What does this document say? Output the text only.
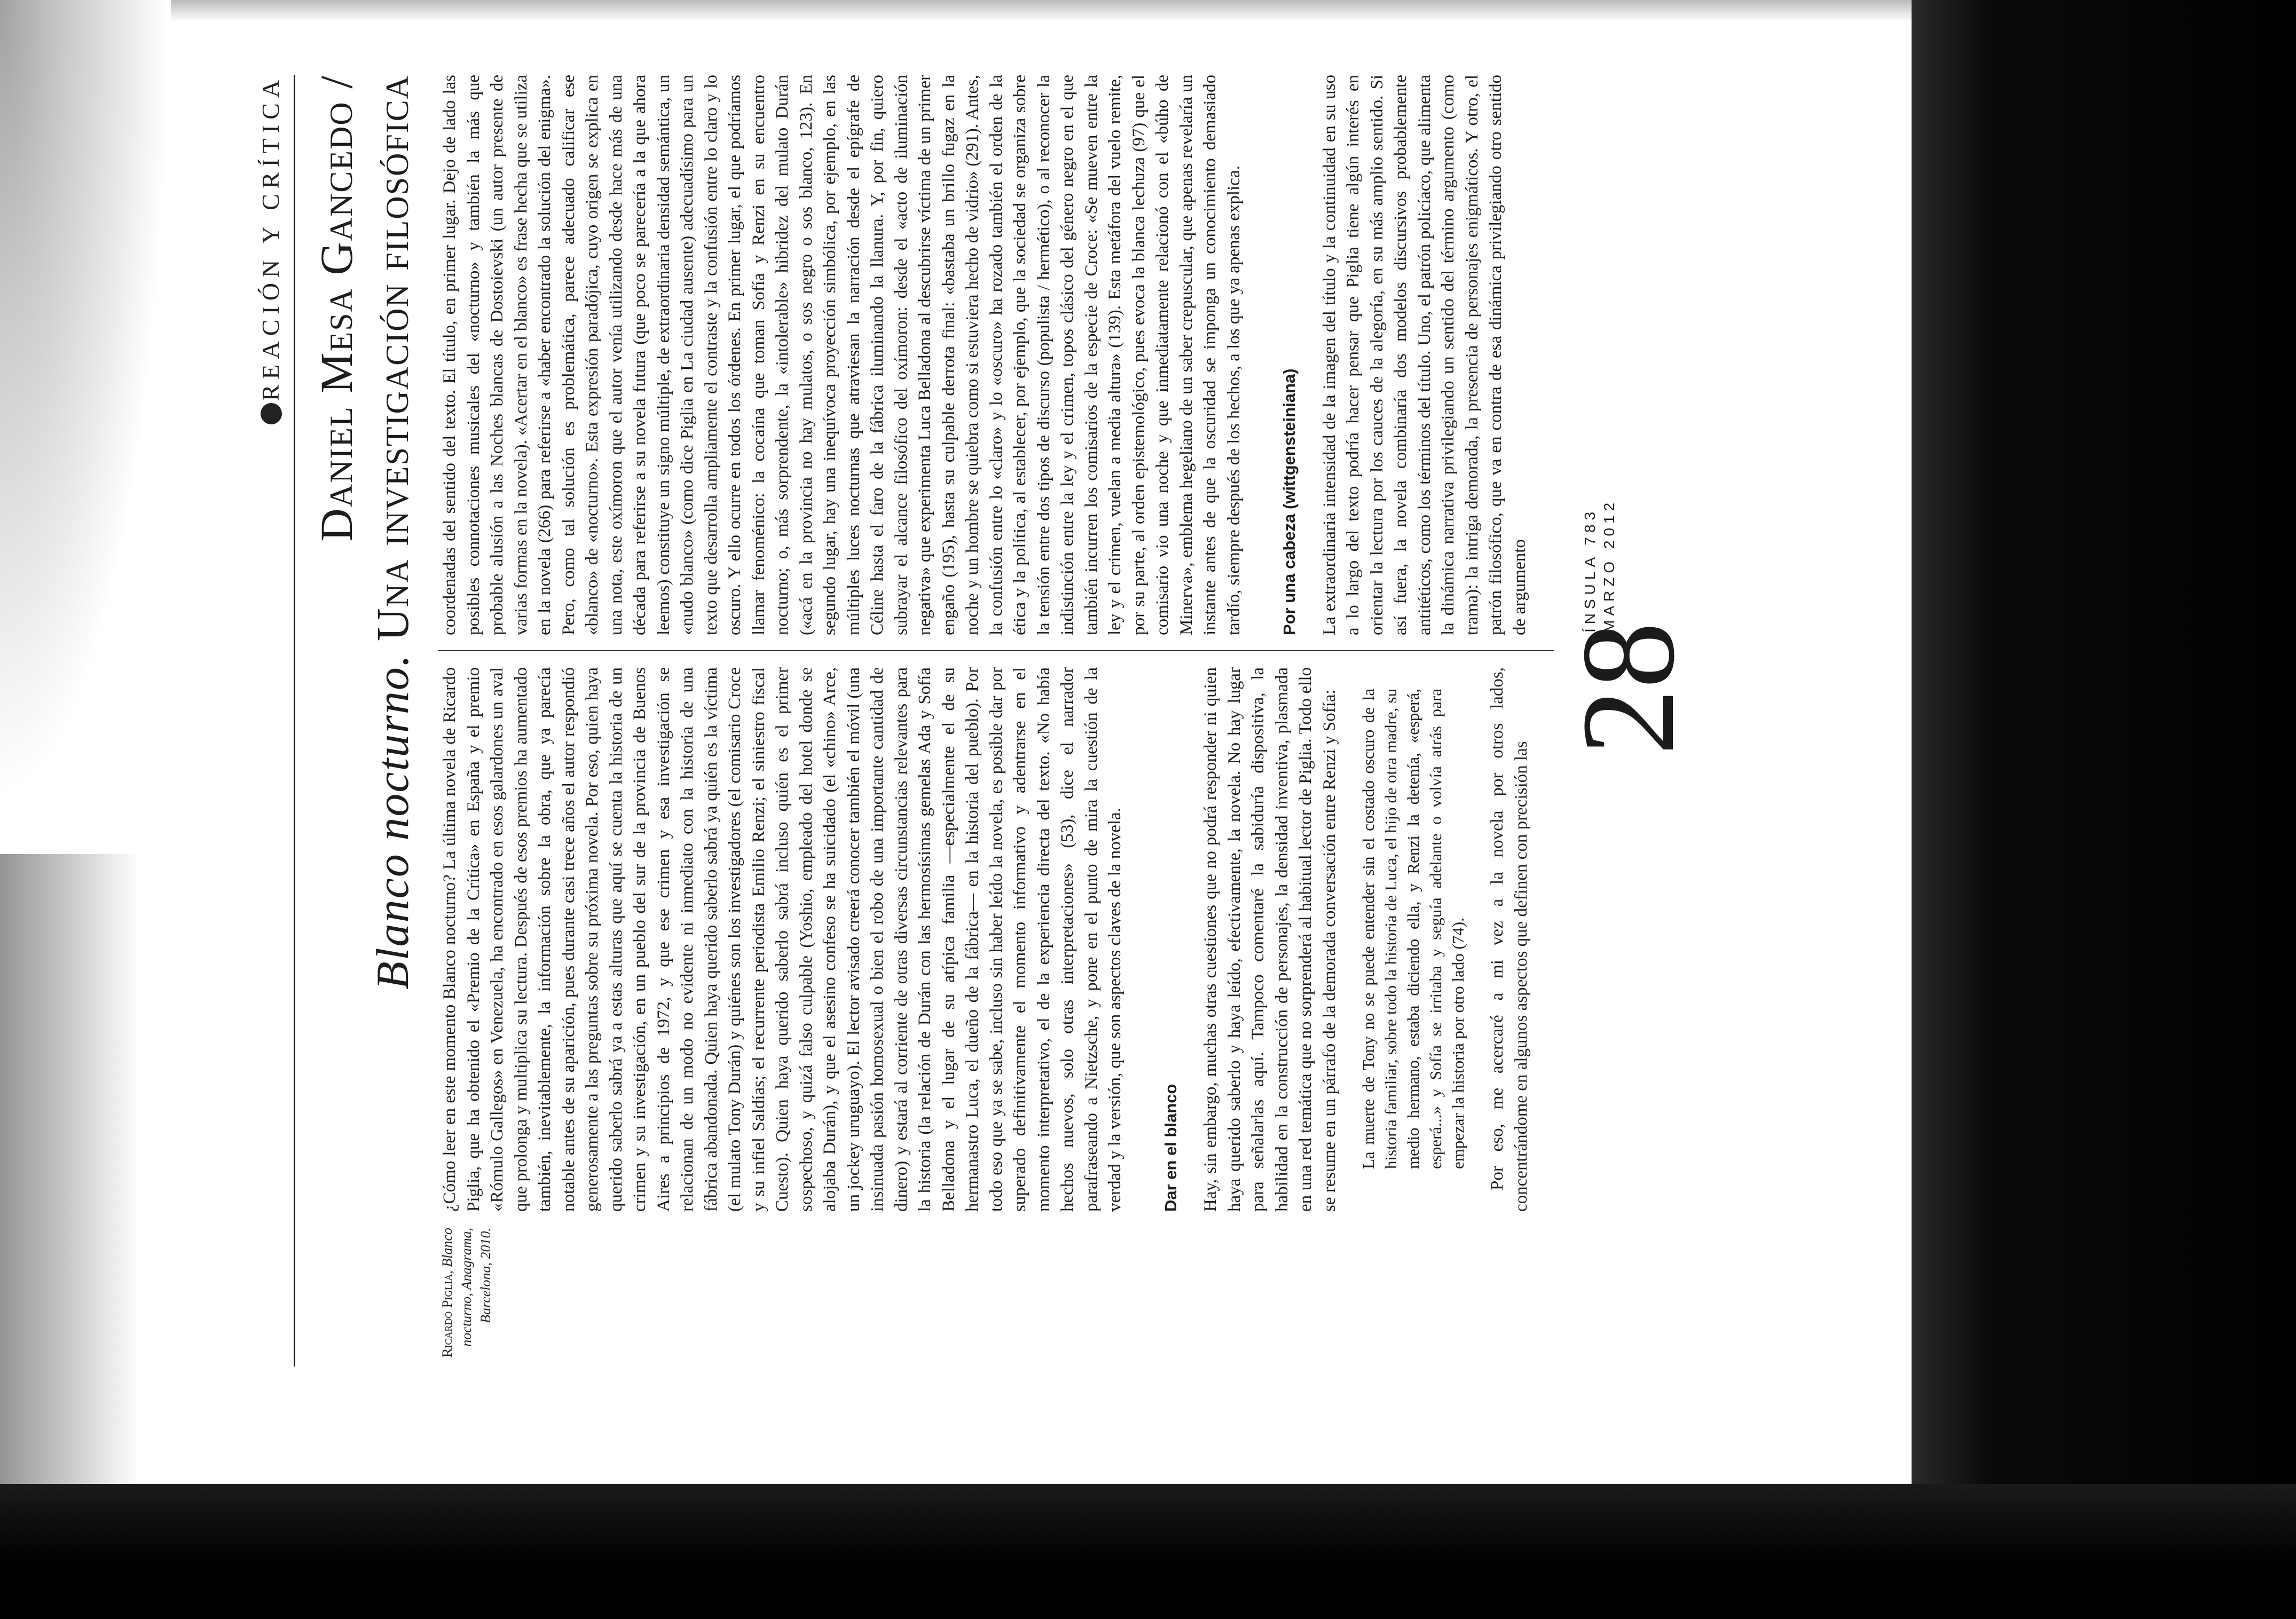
REACIÓN Y CRÍTICA Daniel Mesa Gancedo /
Blanco nocturno. Una investigación filosófica
Ricardo Piglia, Blanco nocturno, Anagrama, Barcelona, 2010.

¿Cómo leer en este momento Blanco nocturno? La última novela de Ricardo Piglia, que ha obtenido el «Premio de la Crítica» en España y el premio «Rómulo Gallegos» en Venezuela, ha encontrado en esos galardones un aval que prolonga y multiplica su lectura. Después de esos premios ha aumentado también, inevitablemente, la información sobre la obra, que ya parecía notable antes de su aparición, pues durante casi trece años el autor respondió generosamente a las preguntas sobre su próxima novela. Por eso, quien haya querido saberlo sabrá ya a estas alturas que aquí se cuenta la historia de un crimen y su investigación, en un pueblo del sur de la provincia de Buenos Aires a principios de 1972, y que ese crimen y esa investigación se relacionan de un modo no evidente ni inmediato con la historia de una fábrica abandonada. Quien haya querido saberlo sabrá ya quién es la víctima (el mulato Tony Durán) y quiénes son los investigadores (el comisario Croce y su infiel Saldías; el recurrente periodista Emilio Renzi; el siniestro fiscal Cuesto). Quien haya querido saberlo sabrá incluso quién es el primer sospechoso, y quizá falso culpable (Yoshio, empleado del hotel donde se alojaba Durán), y que el asesino confeso se ha suicidado (el «chino» Arce, un jockey uruguayo). El lector avisado creerá conocer también el móvil (una insinuada pasión homosexual o bien el robo de una importante cantidad de dinero) y estará al corriente de otras diversas circunstancias relevantes para la historia (la relación de Durán con las hermosísimas gemelas Ada y Sofía Belladona y el lugar de su atípica familia —especialmente el de su hermanastro Luca, el dueño de la fábrica— en la historia del pueblo). Por todo eso que ya se sabe, incluso sin haber leído la novela, es posible dar por superado definitivamente el momento informativo y adentrarse en el momento interpretativo, el de la experiencia directa del texto. «No había hechos nuevos, solo otras interpretaciones» (53), dice el narrador parafraseando a Nietzsche, y pone en el punto de mira la cuestión de la verdad y la versión, que son aspectos claves de la novela. Dar en el blanco Hay, sin embargo, muchas otras cuestiones que no podrá responder ni quien haya querido saberlo y haya leído, efectivamente, la novela. No hay lugar para señalarlas aquí. Tampoco comentaré la sabiduría dispositiva, la habilidad en la construcción de personajes, la densidad inventiva, plasmada en una red temática que no sorprenderá al habitual lector de Piglia. Todo ello se resume en un párrafo de la demorada conversación entre Renzi y Sofía: La muerte de Tony no se puede entender sin el costado oscuro de la historia familiar, sobre todo la historia de Luca, el hijo de otra madre, su medio hermano, estaba diciendo ella, y Renzi la detenía, «esperá, esperá...» y Sofía se irritaba y seguía adelante o volvía atrás para empezar la historia por otro lado (74). Por eso, me acercaré a mi vez a la novela por otros lados, concentrándome en algunos aspectos que definen con precisión las

coordenadas del sentido del texto. El título, en primer lugar. Dejo de lado las posibles connotaciones musicales del «nocturno» y también la más que probable alusión a las Noches blancas de Dostoievski (un autor presente de varias formas en la novela). «Acertar en el blanco» es frase hecha que se utiliza en la novela (266) para referirse a «haber encontrado la solución del enigma». Pero, como tal solución es problemática, parece adecuado calificar ese «blanco» de «nocturno». Esta expresión paradójica, cuyo origen se explica en una nota, este oxímoron que el autor venía utilizando desde hace más de una década para referirse a su novela futura (que poco se parecería a la que ahora leemos) constituye un signo múltiple, de extraordinaria densidad semántica, un «nudo blanco» (como dice Piglia en La ciudad ausente) adecuadísimo para un texto que desarrolla ampliamente el contraste y la confusión entre lo claro y lo oscuro. Y ello ocurre en todos los órdenes. En primer lugar, el que podríamos llamar fenoménico: la cocaína que toman Sofía y Renzi en su encuentro nocturno; o, más sorprendente, la «intolerable» hibridez del mulato Durán («acá en la provincia no hay mulatos, o sos negro o sos blanco, 123). En segundo lugar, hay una inequívoca proyección simbólica, por ejemplo, en las múltiples luces nocturnas que atraviesan la narración desde el epígrafe de Céline hasta el faro de la fábrica iluminando la llanura. Y, por fin, quiero subrayar el alcance filosófico del oxímoron: desde el «acto de iluminación negativa» que experimenta Luca Belladona al descubrirse víctima de un primer engaño (195), hasta su culpable derrota final: «bastaba un brillo fugaz en la noche y un hombre se quiebra como si estuviera hecho de vidrio» (291). Antes, la confusión entre lo «claro» y lo «oscuro» ha rozado también el orden de la ética y la política, al establecer, por ejemplo, que la sociedad se organiza sobre la tensión entre dos tipos de discurso (populista / hermético), o al reconocer la indistinción entre la ley y el crimen, topos clásico del género negro en el que también incurren los comisarios de la especie de Croce: «Se mueven entre la ley y el crimen, vuelan a media altura» (139). Esta metáfora del vuelo remite, por su parte, al orden epistemológico, pues evoca la blanca lechuza (97) que el comisario vio una noche y que inmediatamente relacionó con el «búho de Minerva», emblema hegeliano de un saber crepuscular, que apenas revelaría un instante antes de que la oscuridad se imponga un conocimiento demasiado tardío, siempre después de los hechos, a los que ya apenas explica. Por una cabeza (wittgensteiniana) La extraordinaria intensidad de la imagen del título y la continuidad en su uso a lo largo del texto podría hacer pensar que Piglia tiene algún interés en orientar la lectura por los cauces de la alegoría, en su más amplio sentido. Si así fuera, la novela combinaría dos modelos discursivos probablemente antitéticos, como los términos del título. Uno, el patrón policíaco, que alimenta la dinámica narrativa privilegiando un sentido del término argumento (como trama): la intriga demorada, la presencia de personajes enigmáticos. Y otro, el patrón filosófico, que va en contra de esa dinámica privilegiando otro sentido de argumento

28
ÍNSULA 783 MARZO 2012
